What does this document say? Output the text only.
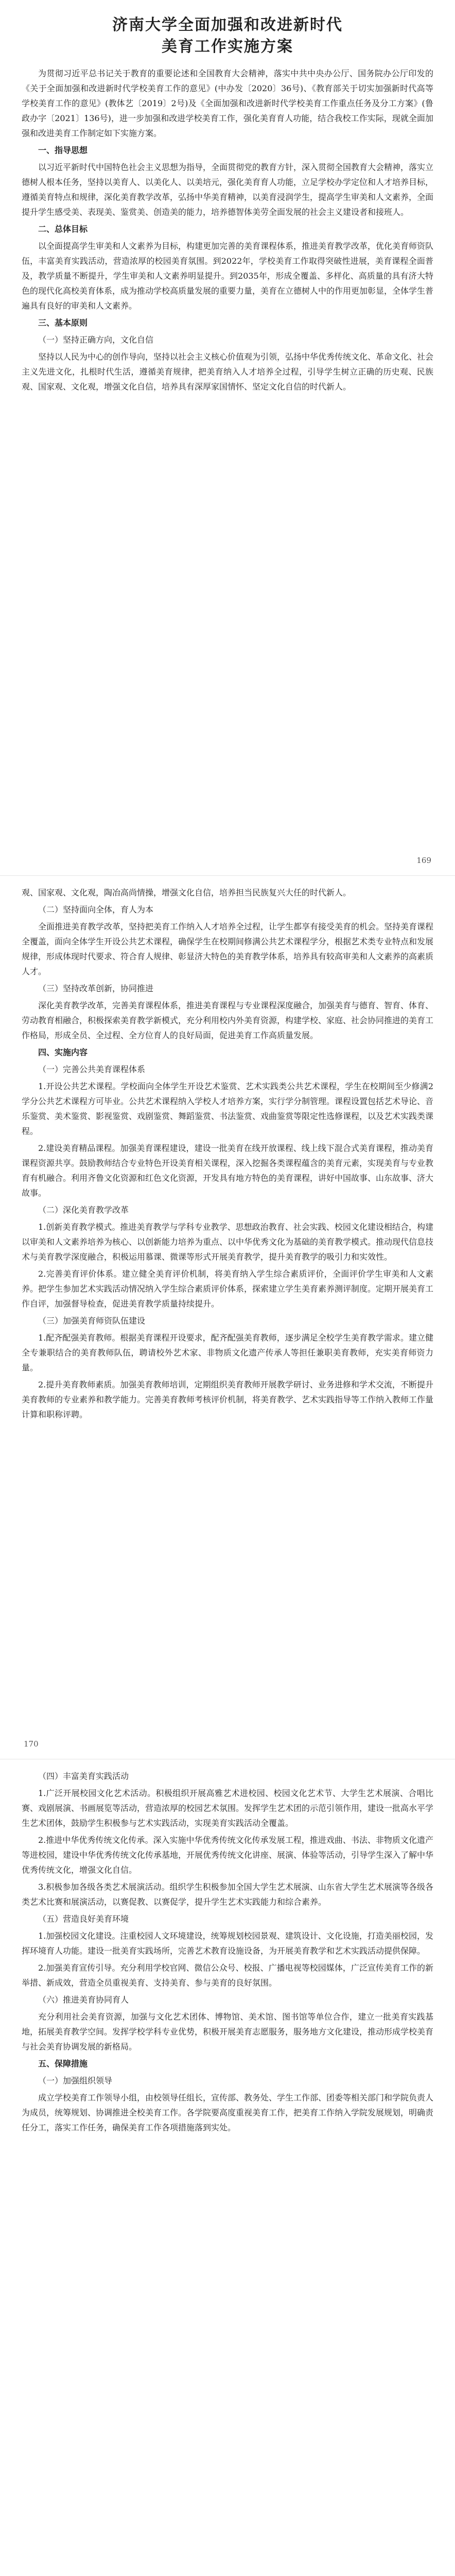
济南大学全面加强和改进新时代
美育工作实施方案

为贯彻习近平总书记关于教育的重要论述和全国教育大会精神，落实中共中央办公厅、国务院办公厅印发的《关于全面加强和改进新时代学校美育工作的意见》(中办发〔2020〕36号)、《教育部关于切实加强新时代高等学校美育工作的意见》(教体艺〔2019〕2号)及《全面加强和改进新时代学校美育工作重点任务及分工方案》(鲁政办字〔2021〕136号)，进一步加强和改进学校美育工作，强化美育育人功能，结合我校工作实际，现就全面加强和改进美育工作制定如下实施方案。

一、指导思想

以习近平新时代中国特色社会主义思想为指导，全面贯彻党的教育方针，深入贯彻全国教育大会精神，落实立德树人根本任务，坚持以美育人、以美化人、以美培元，强化美育育人功能，立足学校办学定位和人才培养目标，遵循美育特点和规律，深化美育教学改革，弘扬中华美育精神，以美育浸润学生，提高学生审美和人文素养，全面提升学生感受美、表现美、鉴赏美、创造美的能力，培养德智体美劳全面发展的社会主义建设者和接班人。

二、总体目标

以全面提高学生审美和人文素养为目标，构建更加完善的美育课程体系，推进美育教学改革，优化美育师资队伍，丰富美育实践活动，营造浓厚的校园美育氛围。到2022年，学校美育工作取得突破性进展，美育课程全面普及，教学质量不断提升，学生审美和人文素养明显提升。到2035年，形成全覆盖、多样化、高质量的具有济大特色的现代化高校美育体系，成为推动学校高质量发展的重要力量，美育在立德树人中的作用更加彰显，全体学生普遍具有良好的审美和人文素养。

三、基本原则

（一）坚持正确方向，文化自信

坚持以人民为中心的创作导向，坚持以社会主义核心价值观为引领，弘扬中华优秀传统文化、革命文化、社会主义先进文化，扎根时代生活，遵循美育规律，把美育纳入人才培养全过程，引导学生树立正确的历史观、民族观、国家观、文化观，增强文化自信，培养具有深厚家国情怀、坚定文化自信的时代新人。

169

观、国家观、文化观，陶冶高尚情操，增强文化自信，培养担当民族复兴大任的时代新人。

（二）坚持面向全体，育人为本

全面推进美育教学改革，坚持把美育工作纳入人才培养全过程，让学生都享有接受美育的机会。坚持美育课程全覆盖，面向全体学生开设公共艺术课程，确保学生在校期间修满公共艺术课程学分，根据艺术类专业特点和发展规律，形成体现时代要求、符合育人规律、彰显济大特色的美育教学体系，培养具有较高审美和人文素养的高素质人才。

（三）坚持改革创新，协同推进

深化美育教学改革，完善美育课程体系，推进美育课程与专业课程深度融合，加强美育与德育、智育、体育、劳动教育相融合，积极探索美育教学新模式，充分利用校内外美育资源，构建学校、家庭、社会协同推进的美育工作格局，形成全员、全过程、全方位育人的良好局面，促进美育工作高质量发展。

四、实施内容

（一）完善公共美育课程体系

1.开设公共艺术课程。学校面向全体学生开设艺术鉴赏、艺术实践类公共艺术课程，学生在校期间至少修满2学分公共艺术课程方可毕业。公共艺术课程纳入学校人才培养方案，实行学分制管理。课程设置包括艺术导论、音乐鉴赏、美术鉴赏、影视鉴赏、戏剧鉴赏、舞蹈鉴赏、书法鉴赏、戏曲鉴赏等限定性选修课程，以及艺术实践类课程。

2.建设美育精品课程。加强美育课程建设，建设一批美育在线开放课程、线上线下混合式美育课程，推动美育课程资源共享。鼓励教师结合专业特色开设美育相关课程，深入挖掘各类课程蕴含的美育元素，实现美育与专业教育有机融合。利用齐鲁文化资源和红色文化资源，开发具有地方特色的美育课程，讲好中国故事、山东故事、济大故事。

（二）深化美育教学改革

1.创新美育教学模式。推进美育教学与学科专业教学、思想政治教育、社会实践、校园文化建设相结合，构建以审美和人文素养培养为核心、以创新能力培养为重点、以中华优秀文化为基础的美育教学模式。推动现代信息技术与美育教学深度融合，积极运用慕课、微课等形式开展美育教学，提升美育教学的吸引力和实效性。

2.完善美育评价体系。建立健全美育评价机制，将美育纳入学生综合素质评价，全面评价学生审美和人文素养。把学生参加艺术实践活动情况纳入学生综合素质评价体系，探索建立学生美育素养测评制度。定期开展美育工作自评，加强督导检查，促进美育教学质量持续提升。

（三）加强美育师资队伍建设

1.配齐配强美育教师。根据美育课程开设要求，配齐配强美育教师，逐步满足全校学生美育教学需求。建立健全专兼职结合的美育教师队伍，聘请校外艺术家、非物质文化遗产传承人等担任兼职美育教师，充实美育师资力量。

2.提升美育教师素质。加强美育教师培训，定期组织美育教师开展教学研讨、业务进修和学术交流，不断提升美育教师的专业素养和教学能力。完善美育教师考核评价机制，将美育教学、艺术实践指导等工作纳入教师工作量计算和职称评聘。

170

（四）丰富美育实践活动

1.广泛开展校园文化艺术活动。积极组织开展高雅艺术进校园、校园文化艺术节、大学生艺术展演、合唱比赛、戏剧展演、书画展览等活动，营造浓厚的校园艺术氛围。发挥学生艺术团的示范引领作用，建设一批高水平学生艺术团体，鼓励学生积极参与艺术实践活动，实现美育实践活动全覆盖。

2.推进中华优秀传统文化传承。深入实施中华优秀传统文化传承发展工程，推进戏曲、书法、非物质文化遗产等进校园，建设中华优秀传统文化传承基地，开展优秀传统文化讲座、展演、体验等活动，引导学生深入了解中华优秀传统文化，增强文化自信。

3.积极参加各级各类艺术展演活动。组织学生积极参加全国大学生艺术展演、山东省大学生艺术展演等各级各类艺术比赛和展演活动，以赛促教、以赛促学，提升学生艺术实践能力和综合素养。

（五）营造良好美育环境

1.加强校园文化建设。注重校园人文环境建设，统筹规划校园景观、建筑设计、文化设施，打造美丽校园，发挥环境育人功能。建设一批美育实践场所，完善艺术教育设施设备，为开展美育教学和艺术实践活动提供保障。

2.加强美育宣传引导。充分利用学校官网、微信公众号、校报、广播电视等校园媒体，广泛宣传美育工作的新举措、新成效，营造全员重视美育、支持美育、参与美育的良好氛围。

（六）推进美育协同育人

充分利用社会美育资源，加强与文化艺术团体、博物馆、美术馆、图书馆等单位合作，建立一批美育实践基地，拓展美育教学空间。发挥学校学科专业优势，积极开展美育志愿服务，服务地方文化建设，推动形成学校美育与社会美育协调发展的新格局。

五、保障措施

（一）加强组织领导

成立学校美育工作领导小组，由校领导任组长，宣传部、教务处、学生工作部、团委等相关部门和学院负责人为成员，统筹规划、协调推进全校美育工作。各学院要高度重视美育工作，把美育工作纳入学院发展规划，明确责任分工，落实工作任务，确保美育工作各项措施落到实处。
